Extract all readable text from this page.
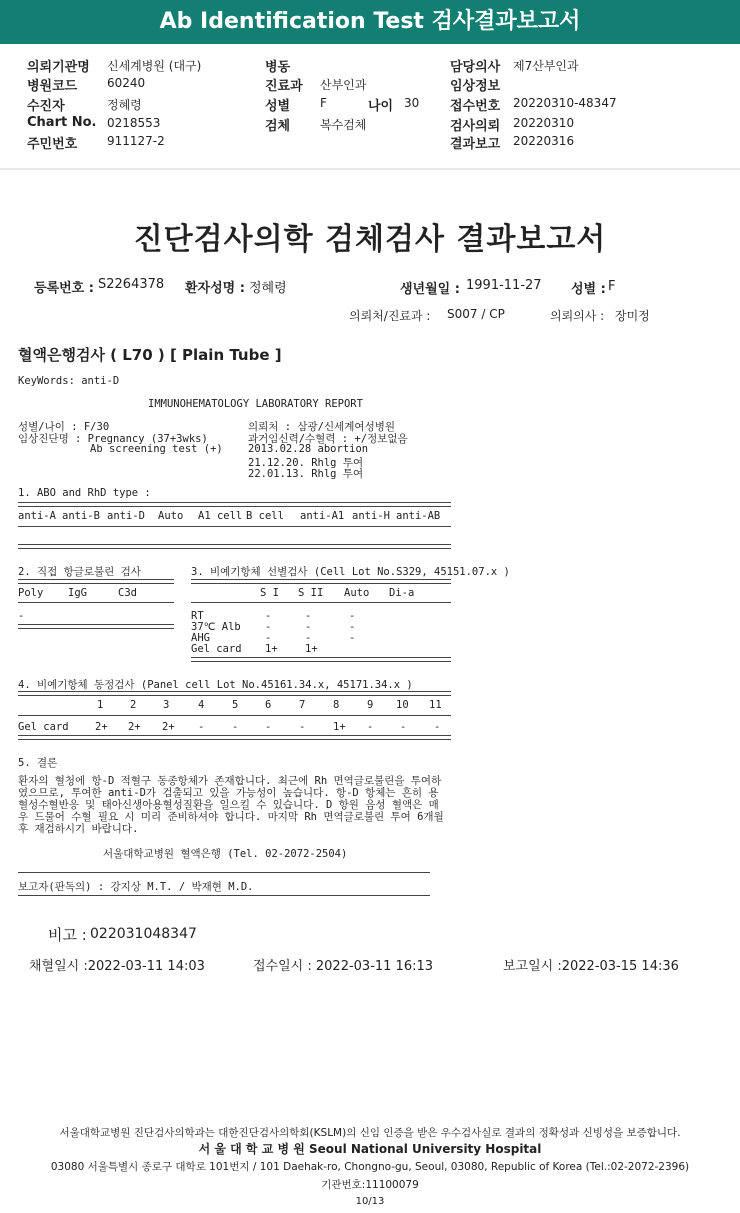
Ab Identification Test 검사결과보고서
의뢰기관명 신세계병원 (대구)
병원코드 60240
수진자	정혜령
Chart No. 0218553
주민번호 911127-2
병동
진료과 산부인과
성별 F	나이 30
검체 복수검체
담당의사 제7산부인과
임상정보
접수번호 20220310-48347
검사의뢰 20220310
결과보고 20220316
진단검사의학 검체검사 결과보고서
등록번호 : S2264378 환자성명 : 정혜령	생년월일 : 1991-11-27 성별 : F
의뢰처/진료과 : S007 / CP	의뢰의사 : 장미정
혈액은행검사 ( L70 ) [ Plain Tube ]
KeyWords: anti-D
IMMUNOHEMATOLOGY LABORATORY REPORT
성별/나이 : F/30
임상진단명 : Pregnancy (37+3wks)
Ab screening test (+)
의뢰처 : 삼광/신세계여성병원
과거임신력/수혈력 : +/정보없음
2013.02.28 abortion
21.12.20. Rhlg 투여
22.01.13. Rhlg 투여
1. ABO and RhD type :
anti-A anti-B anti-D Auto A1 cell B cell anti-A1 anti-H anti-AB
2. 직접 항글로불린 검사
Poly IgG	C3d
-
3. 비예기항체 선별검사 (Cell Lot No.S329, 45151.07.x )
S I S II Auto Di-a
RT	-	-	-
37℃ Alb -	-	-
AHG	-	-	-
Gel card 1+	1+
4. 비예기항체 동정검사 (Panel cell Lot No.45161.34.x, 45171.34.x )
1	2	3	4	5	6	7	8	9 10 11
Gel card	2+ 2+ 2+ -	-	-	-	1+ -	-	-
5. 결론
환자의 혈청에 항-D 적혈구 동종항체가 존재합니다. 최근에 Rh 면역글로불린을 투여하였으므로, 투여한 anti-D가 검출되고 있을 가능성이 높습니다. 항-D 항체는 흔히 용혈성수혈반응 및 태아신생아용혈성질환을 일으킬 수 있습니다. D 항원 음성 혈액은 매우 드물어 수혈 필요 시 미리 준비하셔야 합니다. 마지막 Rh 면역글로불린 투여 6개월 후 재검하시기 바랍니다.
서울대학교병원 혈액은행 (Tel. 02-2072-2504)
보고자(판독의) : 강지상 M.T. / 박재현 M.D.
비고 : 022031048347
채혈일시 :2022-03-11 14:03	접수일시 : 2022-03-11 16:13	보고일시 :2022-03-15 14:36
서울대학교병원 진단검사의학과는 대한진단검사의학회(KSLM)의 신임 인증을 받은 우수검사실로 결과의 정확성과 신빙성을 보증합니다.
서 울 대 학 교 병 원 Seoul National University Hospital
03080 서울특별시 종로구 대학로 101번지 / 101 Daehak-ro, Chongno-gu, Seoul, 03080, Republic of Korea (Tel.:02-2072-2396)
기관번호:11100079
10/13
